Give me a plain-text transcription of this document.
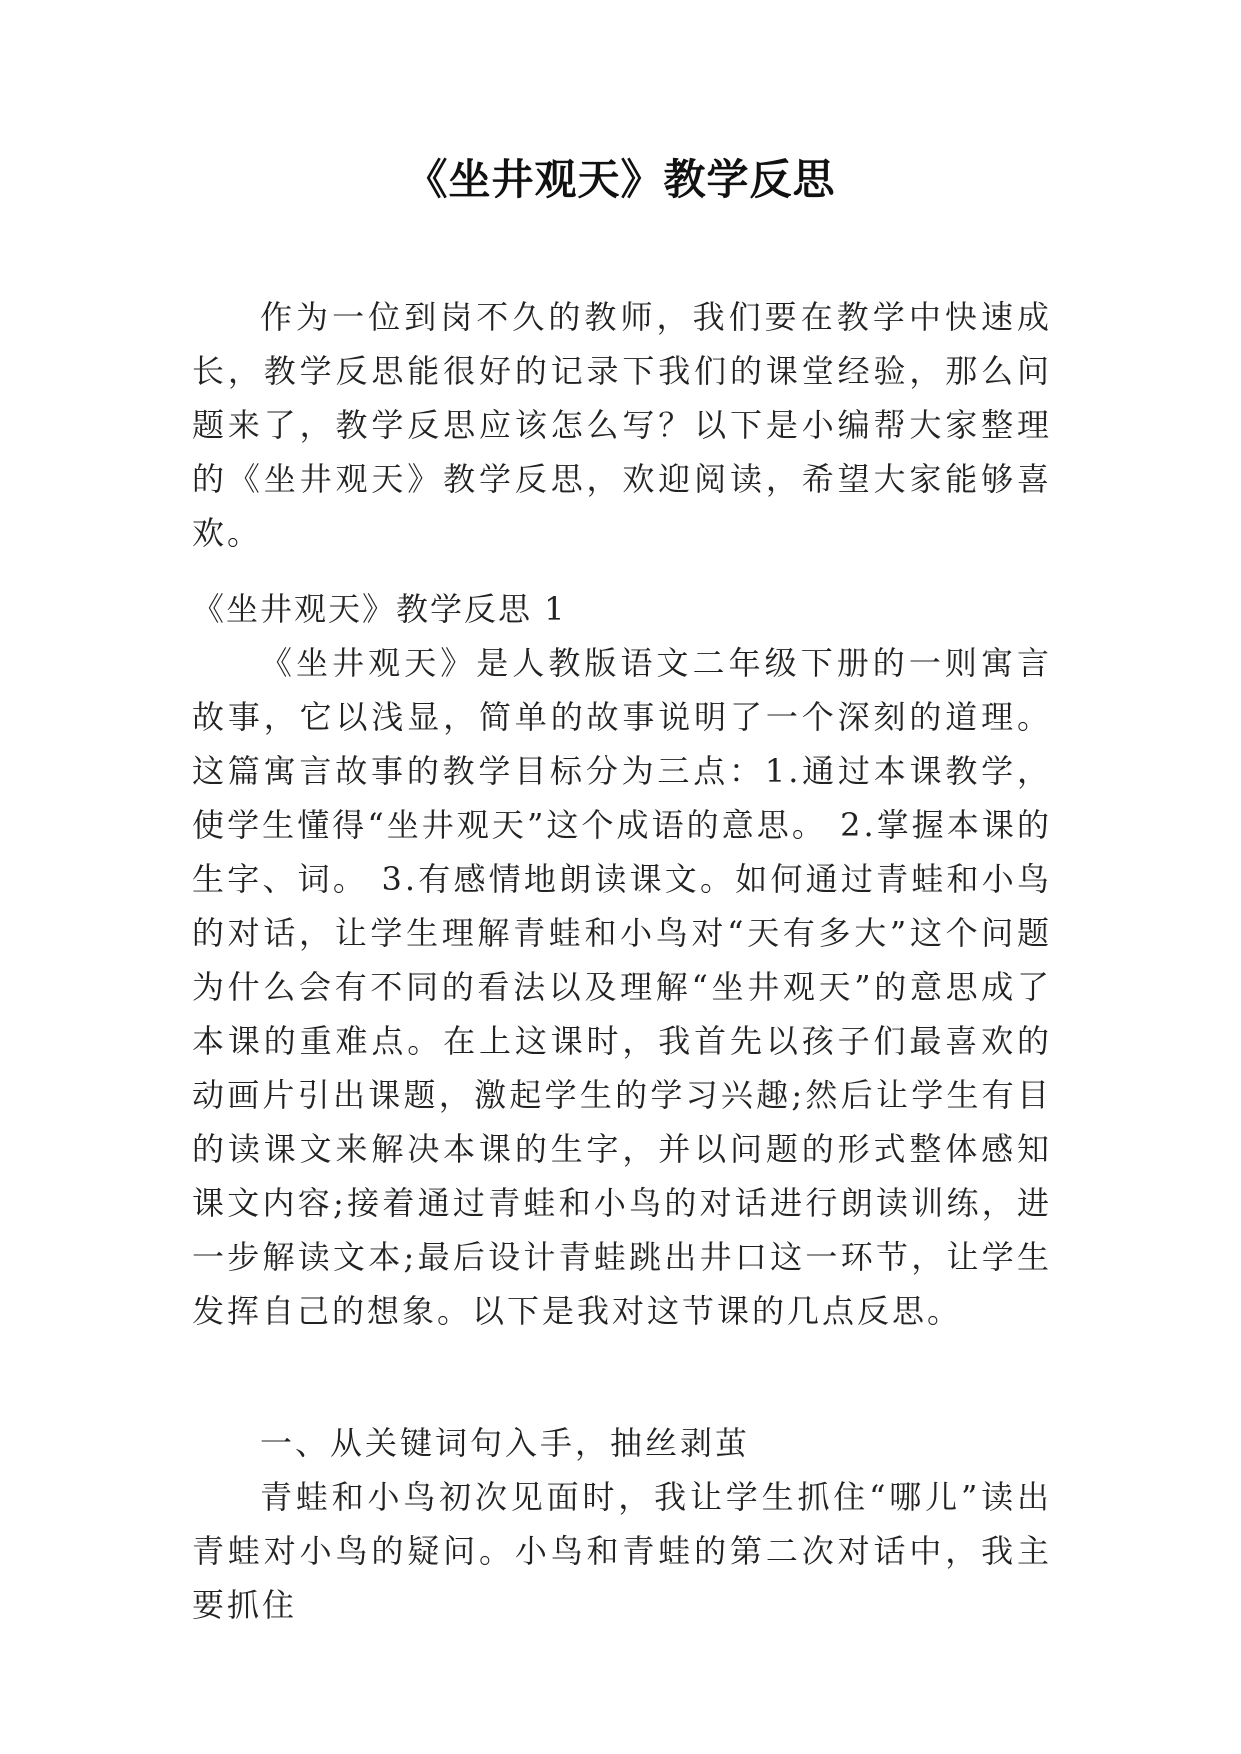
《坐井观天》教学反思
作为一位到岗不久的教师，我们要在教学中快速成长，教学反思能很好的记录下我们的课堂经验，那么问题来了，教学反思应该怎么写？以下是小编帮大家整理的《坐井观天》教学反思，欢迎阅读，希望大家能够喜欢。
《坐井观天》教学反思 1
《坐井观天》是人教版语文二年级下册的一则寓言故事，它以浅显，简单的故事说明了一个深刻的道理。这篇寓言故事的教学目标分为三点：1.通过本课教学，使学生懂得“坐井观天”这个成语的意思。 2.掌握本课的生字、词。 3.有感情地朗读课文。如何通过青蛙和小鸟的对话，让学生理解青蛙和小鸟对“天有多大”这个问题为什么会有不同的看法以及理解“坐井观天”的意思成了本课的重难点。在上这课时，我首先以孩子们最喜欢的动画片引出课题，激起学生的学习兴趣;然后让学生有目的读课文来解决本课的生字，并以问题的形式整体感知课文内容;接着通过青蛙和小鸟的对话进行朗读训练，进一步解读文本;最后设计青蛙跳出井口这一环节，让学生发挥自己的想象。以下是我对这节课的几点反思。
一、从关键词句入手，抽丝剥茧
青蛙和小鸟初次见面时，我让学生抓住“哪儿”读出青蛙对小鸟的疑问。小鸟和青蛙的第二次对话中，我主要抓住
